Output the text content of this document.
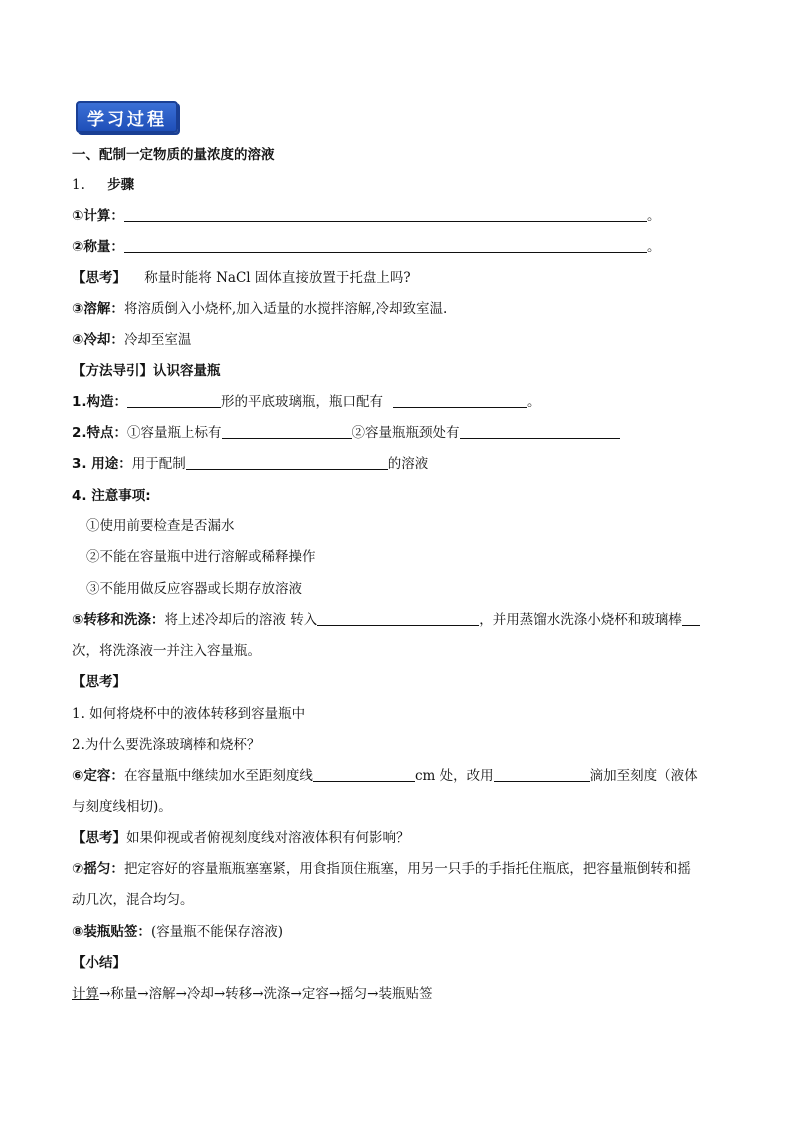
学习过程
一、配制一定物质的量浓度的溶液
1. 步骤
①计算：	。
②称量：	。
【思考】 称量时能将 NaCl 固体直接放置于托盘上吗?
③溶解：将溶质倒入小烧杯,加入适量的水搅拌溶解,冷却致室温.
④冷却：冷却至室温
【方法导引】认识容量瓶
1.构造：	形的平底玻璃瓶，瓶口配有	。
2.特点：①容量瓶上标有	②容量瓶瓶颈处有
3. 用途：用于配制	的溶液
4. 注意事项:
①使用前要检查是否漏水
②不能在容量瓶中进行溶解或稀释操作
③不能用做反应容器或长期存放溶液
⑤转移和洗涤：将上述冷却后的溶液 转入	，并用蒸馏水洗涤小烧杯和玻璃棒
次，将洗涤液一并注入容量瓶。
【思考】
1. 如何将烧杯中的液体转移到容量瓶中
2.为什么要洗涤玻璃棒和烧杯？
⑥定容：在容量瓶中继续加水至距刻度线	cm 处，改用	滴加至刻度（液体
与刻度线相切)。
【思考】如果仰视或者俯视刻度线对溶液体积有何影响？
⑦摇匀：把定容好的容量瓶瓶塞塞紧，用食指顶住瓶塞，用另一只手的手指托住瓶底，把容量瓶倒转和摇
动几次，混合均匀。
⑧装瓶贴签：(容量瓶不能保存溶液)
【小结】
计算→称量→溶解→冷却→转移→洗涤→定容→摇匀→装瓶贴签
